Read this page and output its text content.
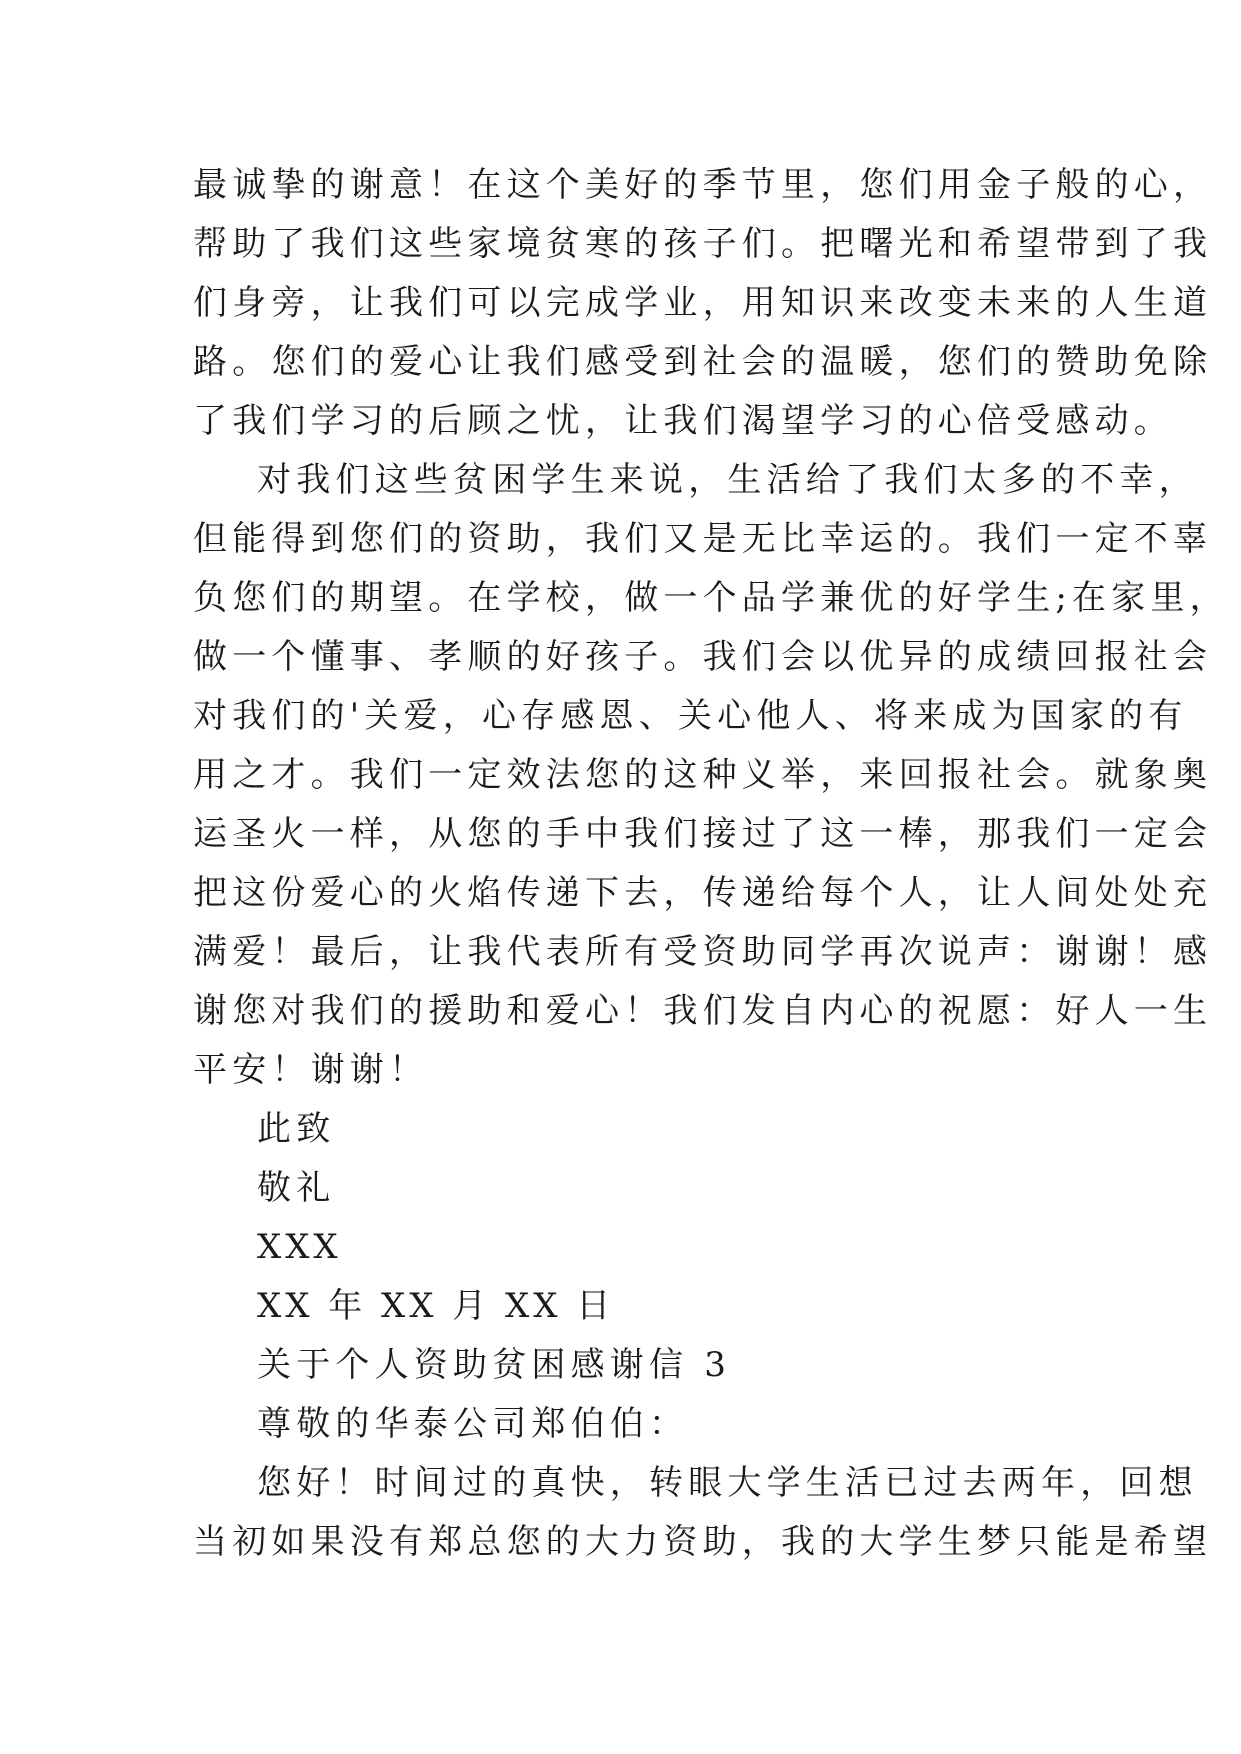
最诚挚的谢意！在这个美好的季节里，您们用金子般的心，
帮助了我们这些家境贫寒的孩子们。把曙光和希望带到了我
们身旁，让我们可以完成学业，用知识来改变未来的人生道
路。您们的爱心让我们感受到社会的温暖，您们的赞助免除
了我们学习的后顾之忧，让我们渴望学习的心倍受感动。
对我们这些贫困学生来说，生活给了我们太多的不幸，
但能得到您们的资助，我们又是无比幸运的。我们一定不辜
负您们的期望。在学校，做一个品学兼优的好学生;在家里，
做一个懂事、孝顺的好孩子。我们会以优异的成绩回报社会
对我们的'关爱，心存感恩、关心他人、将来成为国家的有
用之才。我们一定效法您的这种义举，来回报社会。就象奥
运圣火一样，从您的手中我们接过了这一棒，那我们一定会
把这份爱心的火焰传递下去，传递给每个人，让人间处处充
满爱！最后，让我代表所有受资助同学再次说声：谢谢！感
谢您对我们的援助和爱心！我们发自内心的祝愿：好人一生
平安！谢谢！
此致
敬礼
XXX
XX 年 XX 月 XX 日
关于个人资助贫困感谢信 3
尊敬的华泰公司郑伯伯：
您好！时间过的真快，转眼大学生活已过去两年，回想
当初如果没有郑总您的大力资助，我的大学生梦只能是希望
